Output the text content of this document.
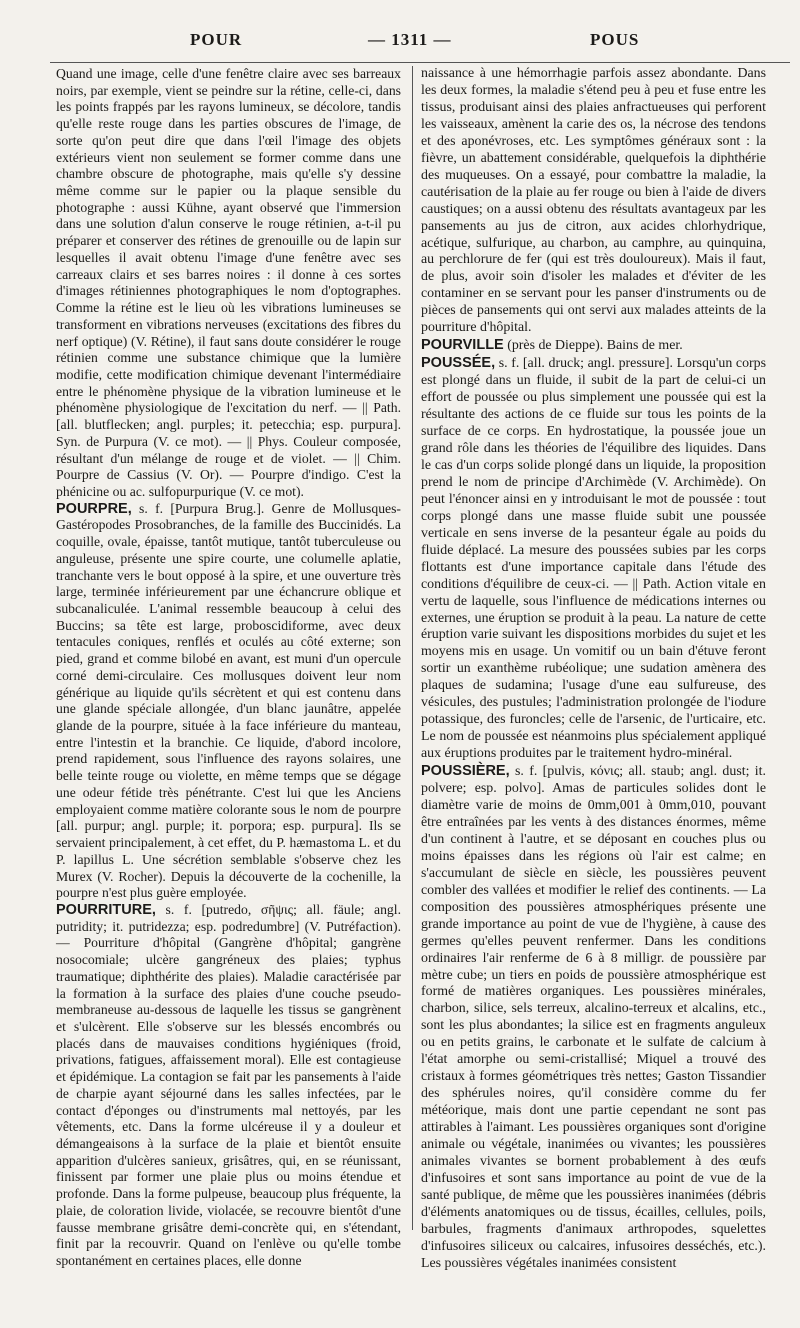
POUR	— 1311 —	POUS

Quand une image, celle d'une fenêtre claire avec ses barreaux noirs, par exemple, vient se peindre sur la rétine, celle-ci, dans les points frappés par les rayons lumineux, se décolore, tandis qu'elle reste rouge dans les parties obscures de l'image, de sorte qu'on peut dire que dans l'œil l'image des objets extérieurs vient non seulement se former comme dans une chambre obscure de photographe, mais qu'elle s'y dessine même comme sur le papier ou la plaque sensible du photographe : aussi Kühne, ayant observé que l'immersion dans une solution d'alun conserve le rouge rétinien, a-t-il pu préparer et conserver des rétines de grenouille ou de lapin sur lesquelles il avait obtenu l'image d'une fenêtre avec ses carreaux clairs et ses barres noires : il donne à ces sortes d'images rétiniennes photographiques le nom d'optographes. Comme la rétine est le lieu où les vibrations lumineuses se transforment en vibrations nerveuses (excitations des fibres du nerf optique) (V. Rétine), il faut sans doute considérer le rouge rétinien comme une substance chimique que la lumière modifie, cette modification chimique devenant l'intermédiaire entre le phénomène physique de la vibration lumineuse et le phénomène physiologique de l'excitation du nerf. — || Path. [all. blutflecken; angl. purples; it. petecchia; esp. purpura]. Syn. de Purpura (V. ce mot). — || Phys. Couleur composée, résultant d'un mélange de rouge et de violet. — || Chim. Pourpre de Cassius (V. Or). — Pourpre d'indigo. C'est la phénicine ou ac. sulfopurpurique (V. ce mot).

POURPRE, s. f. [Purpura Brug.]. Genre de Mollusques-Gastéropodes Prosobranches, de la famille des Buccinidés. La coquille, ovale, épaisse, tantôt mutique, tantôt tuberculeuse ou anguleuse, présente une spire courte, une columelle aplatie, tranchante vers le bout opposé à la spire, et une ouverture très large, terminée inférieurement par une échancrure oblique et subcanaliculée. L'animal ressemble beaucoup à celui des Buccins; sa tête est large, proboscidiforme, avec deux tentacules coniques, renflés et oculés au côté externe; son pied, grand et comme bilobé en avant, est muni d'un opercule corné demi-circulaire. Ces mollusques doivent leur nom générique au liquide qu'ils sécrètent et qui est contenu dans une glande spéciale allongée, d'un blanc jaunâtre, appelée glande de la pourpre, située à la face inférieure du manteau, entre l'intestin et la branchie. Ce liquide, d'abord incolore, prend rapidement, sous l'influence des rayons solaires, une belle teinte rouge ou violette, en même temps que se dégage une odeur fétide très pénétrante. C'est lui que les Anciens employaient comme matière colorante sous le nom de pourpre [all. purpur; angl. purple; it. porpora; esp. purpura]. Ils se servaient principalement, à cet effet, du P. hæmastoma L. et du P. lapillus L. Une sécrétion semblable s'observe chez les Murex (V. Rocher). Depuis la découverte de la cochenille, la pourpre n'est plus guère employée.

POURRITURE, s. f. [putredo, σῆψις; all. fäule; angl. putridity; it. putridezza; esp. podredumbre] (V. Putréfaction). — Pourriture d'hôpital (Gangrène d'hôpital; gangrène nosocomiale; ulcère gangréneux des plaies; typhus traumatique; diphthérite des plaies). Maladie caractérisée par la formation à la surface des plaies d'une couche pseudo-membraneuse au-dessous de laquelle les tissus se gangrènent et s'ulcèrent. Elle s'observe sur les blessés encombrés ou placés dans de mauvaises conditions hygiéniques (froid, privations, fatigues, affaissement moral). Elle est contagieuse et épidémique. La contagion se fait par les pansements à l'aide de charpie ayant séjourné dans les salles infectées, par le contact d'éponges ou d'instruments mal nettoyés, par les vêtements, etc. Dans la forme ulcéreuse il y a douleur et démangeaisons à la surface de la plaie et bientôt ensuite apparition d'ulcères sanieux, grisâtres, qui, en se réunissant, finissent par former une plaie plus ou moins étendue et profonde. Dans la forme pulpeuse, beaucoup plus fréquente, la plaie, de coloration livide, violacée, se recouvre bientôt d'une fausse membrane grisâtre demi-concrète qui, en s'étendant, finit par la recouvrir. Quand on l'enlève ou qu'elle tombe spontanément en certaines places, elle donne

naissance à une hémorrhagie parfois assez abondante. Dans les deux formes, la maladie s'étend peu à peu et fuse entre les tissus, produisant ainsi des plaies anfractueuses qui perforent les vaisseaux, amènent la carie des os, la nécrose des tendons et des aponévroses, etc. Les symptômes généraux sont : la fièvre, un abattement considérable, quelquefois la diphthérie des muqueuses. On a essayé, pour combattre la maladie, la cautérisation de la plaie au fer rouge ou bien à l'aide de divers caustiques; on a aussi obtenu des résultats avantageux par les pansements au jus de citron, aux acides chlorhydrique, acétique, sulfurique, au charbon, au camphre, au quinquina, au perchlorure de fer (qui est très douloureux). Mais il faut, de plus, avoir soin d'isoler les malades et d'éviter de les contaminer en se servant pour les panser d'instruments ou de pièces de pansements qui ont servi aux malades atteints de la pourriture d'hôpital.

POURVILLE (près de Dieppe). Bains de mer.

POUSSÉE, s. f. [all. druck; angl. pressure]. Lorsqu'un corps est plongé dans un fluide, il subit de la part de celui-ci un effort de poussée ou plus simplement une poussée qui est la résultante des actions de ce fluide sur tous les points de la surface de ce corps. En hydrostatique, la poussée joue un grand rôle dans les théories de l'équilibre des liquides. Dans le cas d'un corps solide plongé dans un liquide, la proposition prend le nom de principe d'Archimède (V. Archimède). On peut l'énoncer ainsi en y introduisant le mot de poussée : tout corps plongé dans une masse fluide subit une poussée verticale en sens inverse de la pesanteur égale au poids du fluide déplacé. La mesure des poussées subies par les corps flottants est d'une importance capitale dans l'étude des conditions d'équilibre de ceux-ci. — || Path. Action vitale en vertu de laquelle, sous l'influence de médications internes ou externes, une éruption se produit à la peau. La nature de cette éruption varie suivant les dispositions morbides du sujet et les moyens mis en usage. Un vomitif ou un bain d'étuve feront sortir un exanthème rubéolique; une sudation amènera des plaques de sudamina; l'usage d'une eau sulfureuse, des vésicules, des pustules; l'administration prolongée de l'iodure potassique, des furoncles; celle de l'arsenic, de l'urticaire, etc. Le nom de poussée est néanmoins plus spécialement appliqué aux éruptions produites par le traitement hydro-minéral.

POUSSIÈRE, s. f. [pulvis, κόνις; all. staub; angl. dust; it. polvere; esp. polvo]. Amas de particules solides dont le diamètre varie de moins de 0mm,001 à 0mm,010, pouvant être entraînées par les vents à des distances énormes, même d'un continent à l'autre, et se déposant en couches plus ou moins épaisses dans les régions où l'air est calme; en s'accumulant de siècle en siècle, les poussières peuvent combler des vallées et modifier le relief des continents. — La composition des poussières atmosphériques présente une grande importance au point de vue de l'hygiène, à cause des germes qu'elles peuvent renfermer. Dans les conditions ordinaires l'air renferme de 6 à 8 milligr. de poussière par mètre cube; un tiers en poids de poussière atmosphérique est formé de matières organiques. Les poussières minérales, charbon, silice, sels terreux, alcalino-terreux et alcalins, etc., sont les plus abondantes; la silice est en fragments anguleux ou en petits grains, le carbonate et le sulfate de calcium à l'état amorphe ou semi-cristallisé; Miquel a trouvé des cristaux à formes géométriques très nettes; Gaston Tissandier des sphérules noires, qu'il considère comme du fer météorique, mais dont une partie cependant ne sont pas attirables à l'aimant. Les poussières organiques sont d'origine animale ou végétale, inanimées ou vivantes; les poussières animales vivantes se bornent probablement à des œufs d'infusoires et sont sans importance au point de vue de la santé publique, de même que les poussières inanimées (débris d'éléments anatomiques ou de tissus, écailles, cellules, poils, barbules, fragments d'animaux arthropodes, squelettes d'infusoires siliceux ou calcaires, infusoires desséchés, etc.). Les poussières végétales inanimées consistent
